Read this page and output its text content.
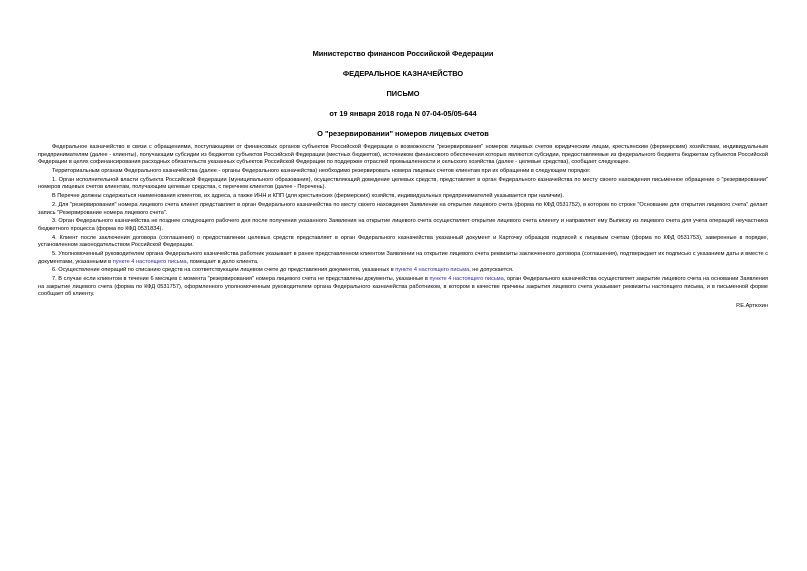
Министерство финансов Российской Федерации
ФЕДЕРАЛЬНОЕ КАЗНАЧЕЙСТВО
ПИСЬМО
от 19 января 2018 года N 07-04-05/05-644
О "резервировании" номеров лицевых счетов

Федеральное казначейство в связи с обращениями, поступающими от финансовых органов субъектов Российской Федерации о возможности "резервирования" номеров лицевых счетов юридическим лицам, крестьянским (фермерским) хозяйствам, индивидуальным предпринимателям (далее - клиенты), получающим субсидии из бюджетов субъектов Российской Федерации (местных бюджетов), источником финансового обеспечения которых являются субсидии, предоставляемые из федерального бюджета бюджетам субъектов Российской Федерации в целях софинансирования расходных обязательств указанных субъектов Российской Федерации по поддержке отраслей промышленности и сельского хозяйства (далее - целевые средства), сообщает следующее.

Территориальным органам Федерального казначейства (далее - органы Федерального казначейства) необходимо резервировать номера лицевых счетов клиентам при их обращении в следующем порядке:

1. Орган исполнительной власти субъекта Российской Федерации (муниципального образования), осуществляющий доведение целевых средств, представляет в орган Федерального казначейства по месту своего нахождения письменное обращение о "резервировании" номеров лицевых счетов клиентам, получающим целевые средства, с перечнем клиентов (далее - Перечень).

В Перечне должны содержаться наименования клиентов, их адреса, а также ИНН и КПП (для крестьянских (фермерских) хозяйств, индивидуальных предпринимателей указывается при наличии).

2. Для "резервирования" номера лицевого счета клиент представляет в орган Федерального казначейства по месту своего нахождения Заявление на открытие лицевого счета (форма по КФД 0531752), в котором по строке "Основание для открытия лицевого счета" делает запись "Резервирование номера лицевого счета".

3. Орган Федерального казначейства не позднее следующего рабочего дня после получения указанного Заявления на открытие лицевого счета осуществляет открытие лицевого счета клиенту и направляет ему Выписку из лицевого счета для учета операций неучастника бюджетного процесса (форма по КФД 0531834).

4. Клиент после заключения договора (соглашения) о предоставлении целевых средств представляет в орган Федерального казначейства указанный документ и Карточку образцов подписей к лицевым счетам (форма по КФД 0531753), заверенные в порядке, установленном законодательством Российской Федерации.

5. Уполномоченный руководителем органа Федерального казначейства работник указывает в ранее представленном клиентом Заявлении на открытие лицевого счета реквизиты заключенного договора (соглашения), подтверждает их подписью с указанием даты и вместе с документами, указанными в пункте 4 настоящего письма, помещает в дело клиента.

6. Осуществление операций по списанию средств на соответствующем лицевом счете до представления документов, указанных в пункте 4 настоящего письма, не допускается.

7. В случае если клиентом в течение 6 месяцев с момента "резервирования" номера лицевого счета не представлены документы, указанные в пункте 4 настоящего письма, орган Федерального казначейства осуществляет закрытие лицевого счета на основании Заявления на закрытие лицевого счета (форма по КФД 0531757), оформленного уполномоченным руководителем органа Федерального казначейства работником, в котором в качестве причины закрытия лицевого счета указывает реквизиты настоящего письма, и в письменной форме сообщает об клиенту.

Р.Е.Артюхин
